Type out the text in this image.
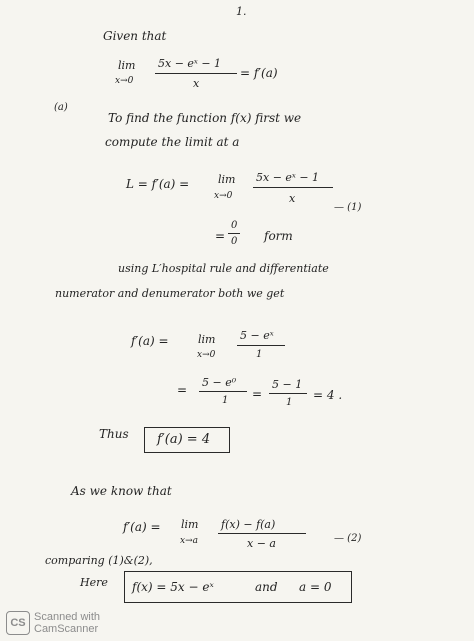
1.
Given that
lim
x→0
5x − eˣ − 1
x
= f′(a)
(a)
To find the function f(x) first we
compute the limit at a
L = f′(a) =	lim
x→0
5x − eˣ − 1
x
— (1)
=
0
0 form
using L′hospital rule and differentiate
numerator and denumerator both we get
f′(a) =	lim
x→0
5 − eˣ
1
=
5 − e⁰
1 =
5 − 1
1
= 4 .
Thus f′(a) = 4
As we know that
f′(a) = lim
x→a
f(x) − f(a)
x − a	— (2)
comparing (1)&(2),
Here f(x) = 5x − eˣ	and a = 0
CS Scanned with
CamScanner
